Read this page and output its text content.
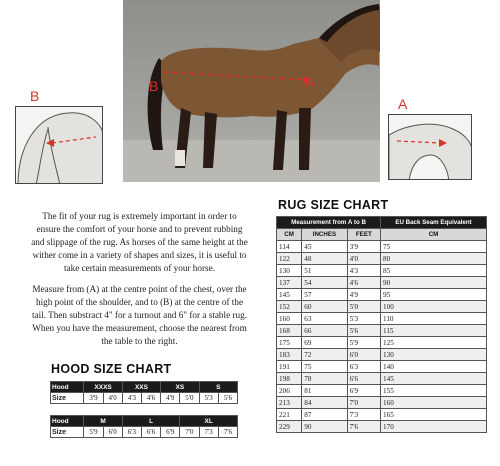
B	A
B	A
The fit of your rug is extremely important in order to
ensure the comfort of your horse and to prevent rubbing
and slippage of the rug. As horses of the same height at the
wither come in a variety of shapes and sizes, it is useful to
take certain measurements of your horse.
Measure from (A) at the centre point of the chest, over the
high point of the shoulder, and to (B) at the centre of the
tail. Then substract 4" for a turnout and 6" for a stable rug.
When you have the measurement, choose the nearest from
the table to the right.
HOOD SIZE CHART
Hood	XXXS		XXS		XS		S	
Size	3'9	4'0	4'3	4'6	4'9	5'0	5'3	5'6
Hood	M		L			XL		
Size	5'9	6'0	6'3	6'6	6'9	7'0	7'3	7'6
RUG SIZE CHART
Measurement from A to B			EU Back Seam Equivalent
CM	INCHES	FEET	CM
114	45	3'9	75
122	48	4'0	80
130	51	4'3	85
137	54	4'6	90
145	57	4'9	95
152	60	5'0	100
160	63	5'3	110
168	66	5'6	115
175	69	5'9	125
183	72	6'0	130
191	75	6'3	140
198	78	6'6	145
206	81	6'9	155
213	84	7'0	160
221	87	7'3	165
229	90	7'6	170
